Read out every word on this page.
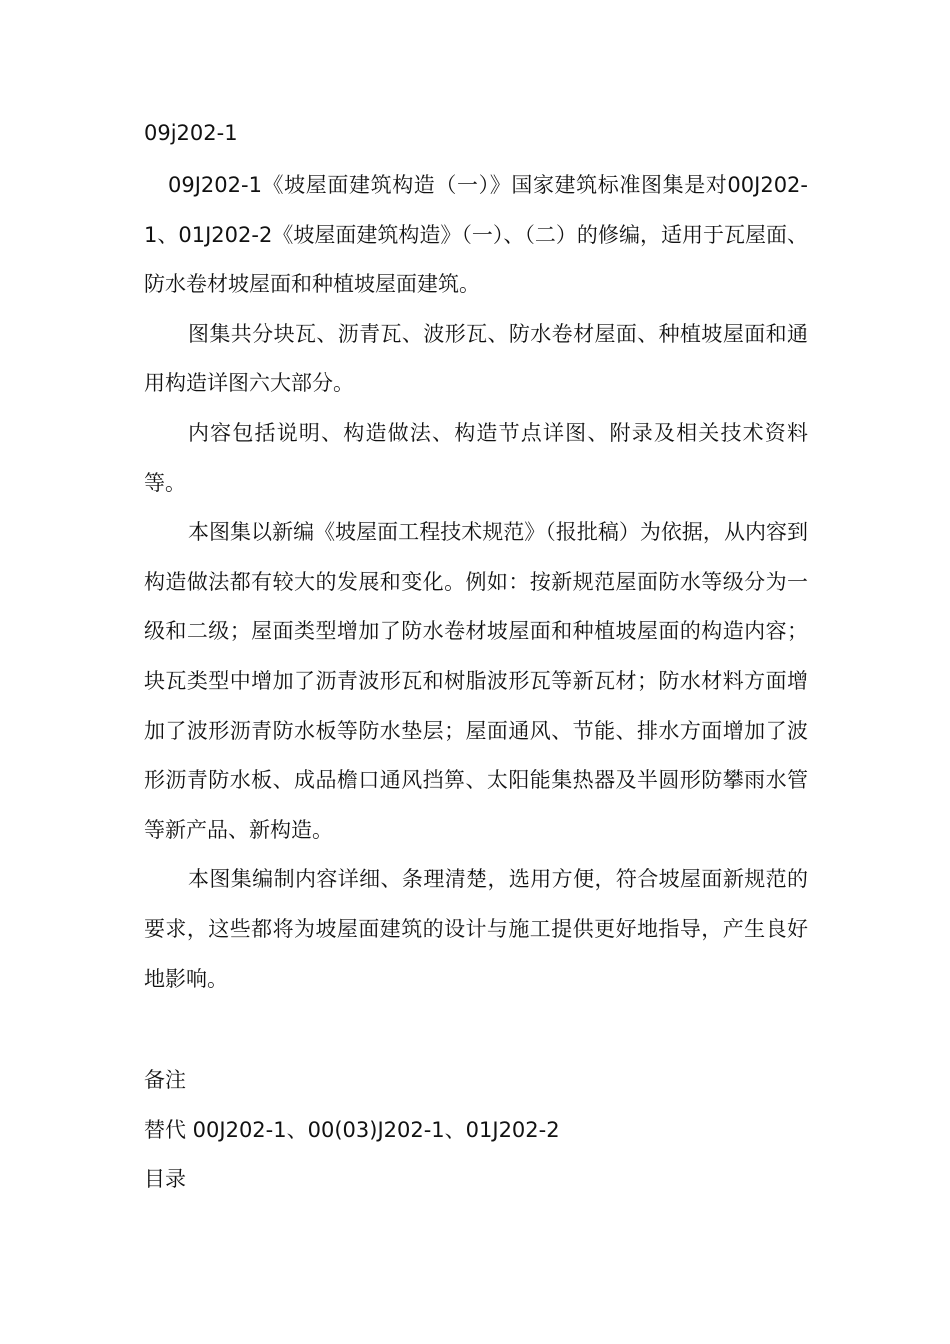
09j202-1

09J202-1《坡屋面建筑构造（一）》国家建筑标准图集是对00J202-1、01J202-2《坡屋面建筑构造》（一）、（二）的修编，适用于瓦屋面、防水卷材坡屋面和种植坡屋面建筑。

图集共分块瓦、沥青瓦、波形瓦、防水卷材屋面、种植坡屋面和通用构造详图六大部分。

内容包括说明、构造做法、构造节点详图、附录及相关技术资料等。

本图集以新编《坡屋面工程技术规范》（报批稿）为依据，从内容到构造做法都有较大的发展和变化。例如：按新规范屋面防水等级分为一级和二级；屋面类型增加了防水卷材坡屋面和种植坡屋面的构造内容；块瓦类型中增加了沥青波形瓦和树脂波形瓦等新瓦材；防水材料方面增加了波形沥青防水板等防水垫层；屋面通风、节能、排水方面增加了波形沥青防水板、成品檐口通风挡箅、太阳能集热器及半圆形防攀雨水管等新产品、新构造。

本图集编制内容详细、条理清楚，选用方便，符合坡屋面新规范的要求，这些都将为坡屋面建筑的设计与施工提供更好地指导，产生良好地影响。

备注

替代 00J202-1、00(03)J202-1、01J202-2

目录
